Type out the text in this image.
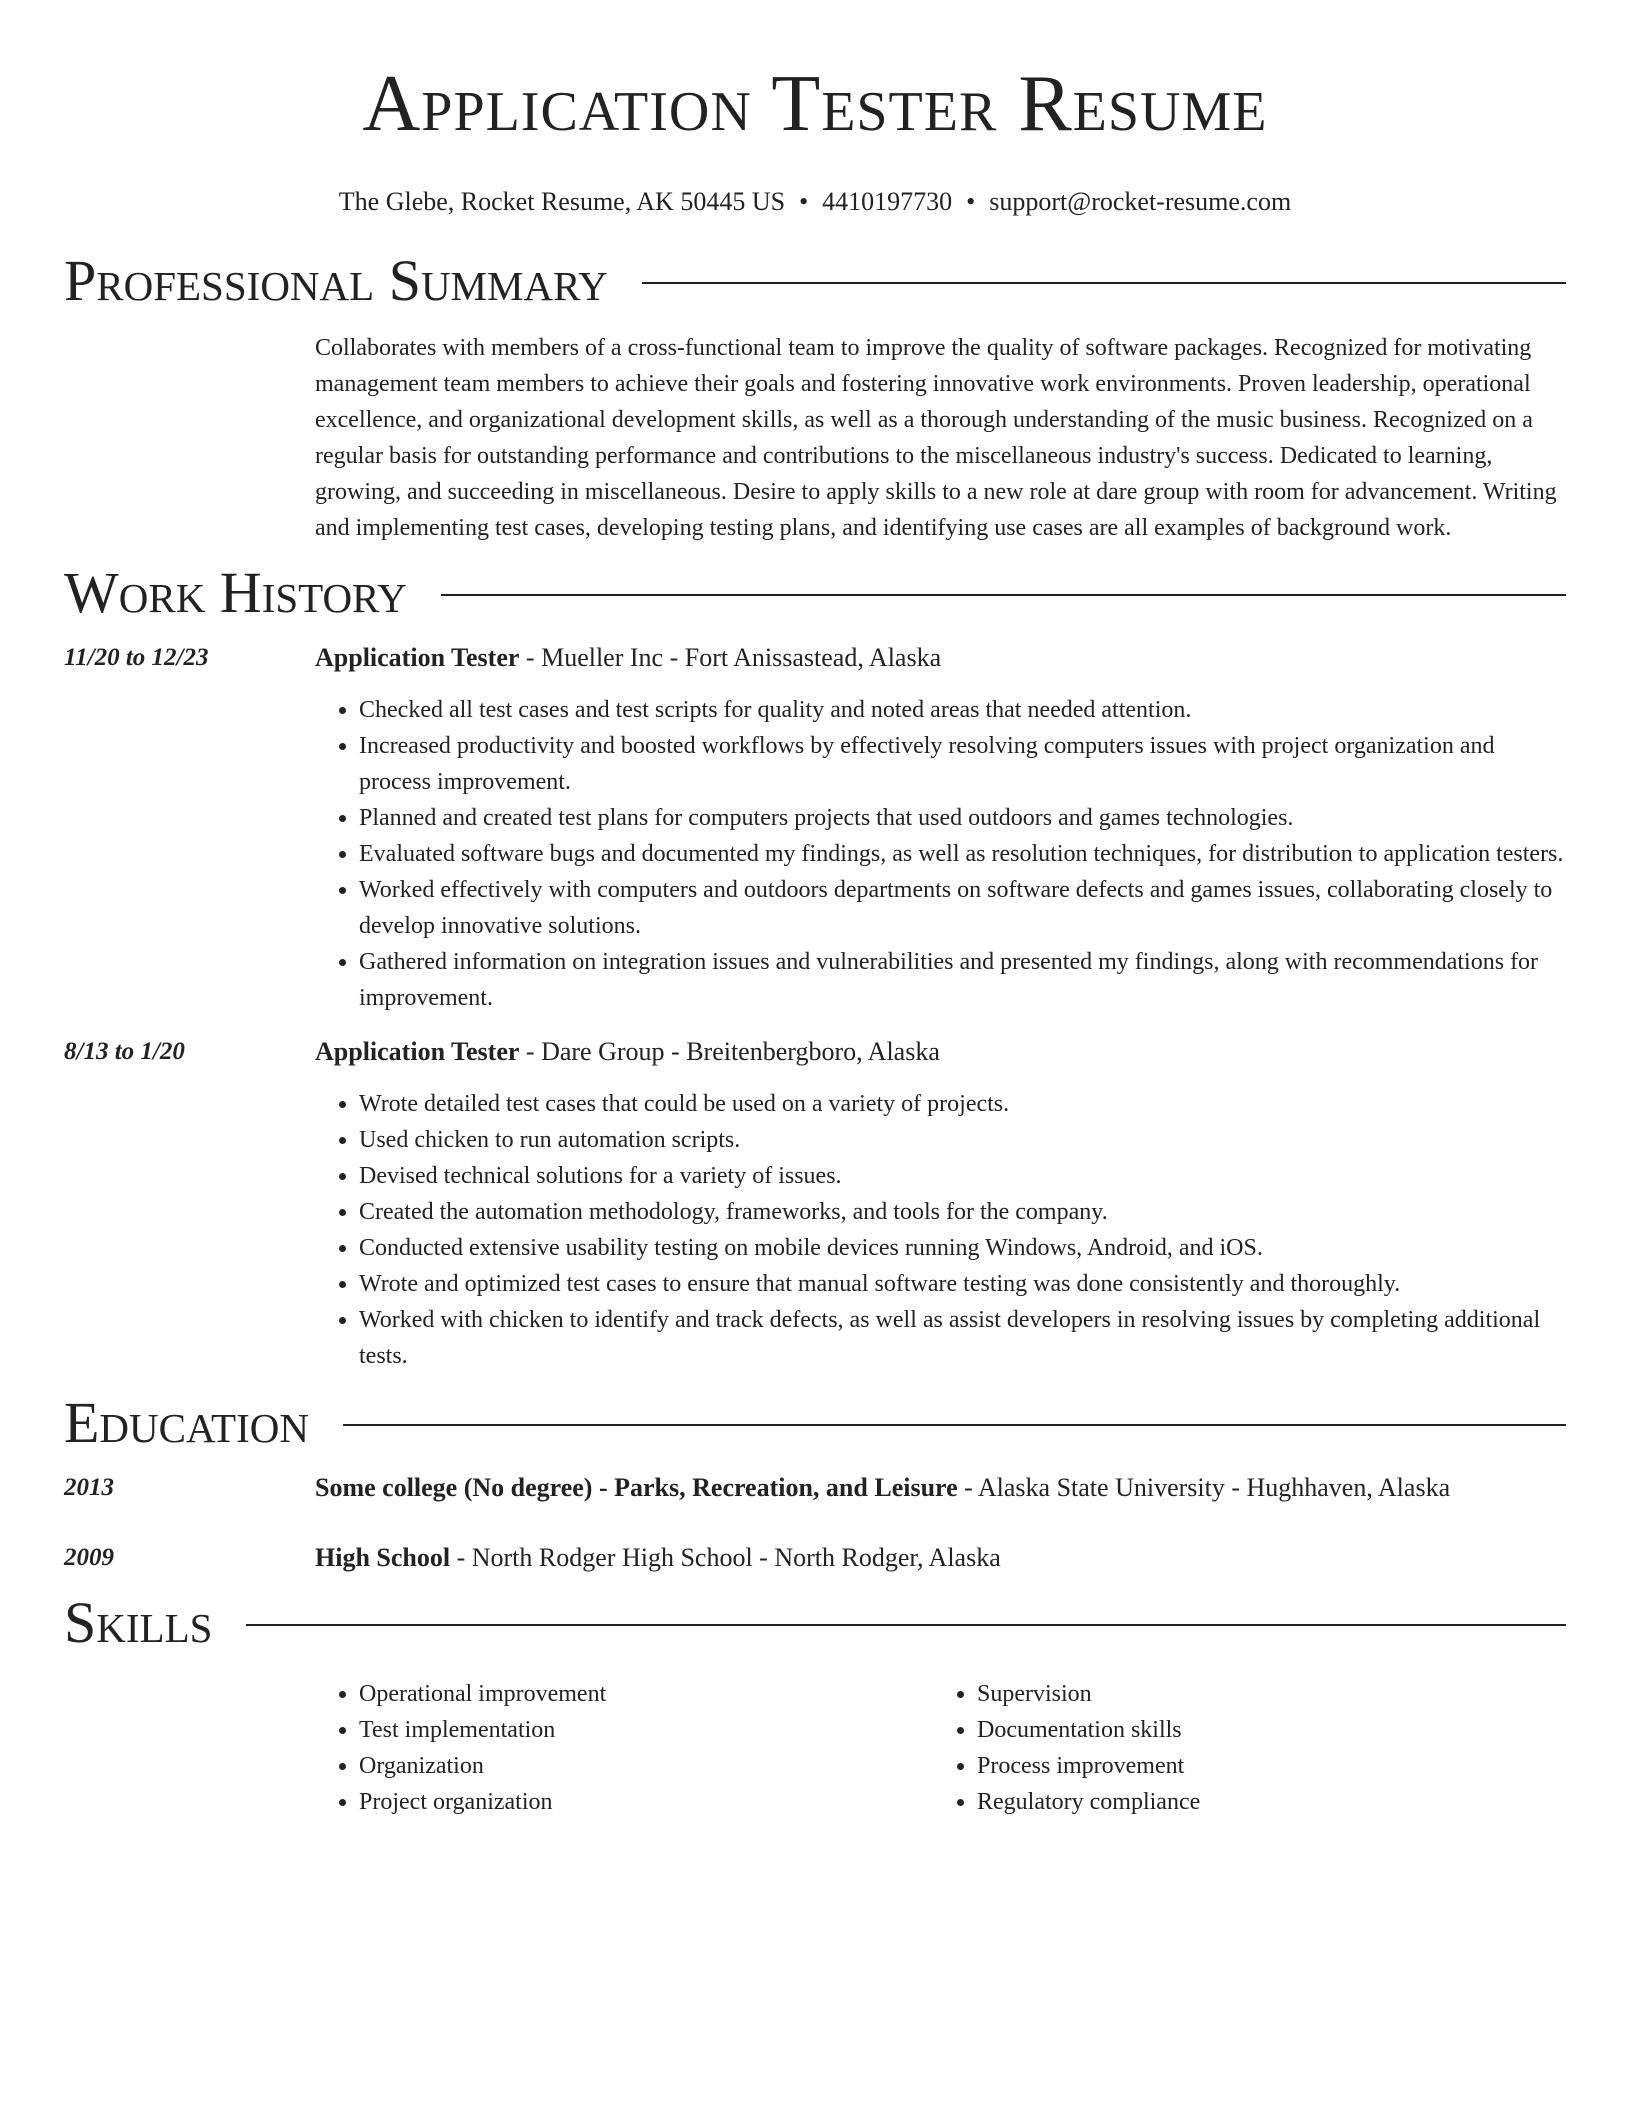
Application Tester Resume
The Glebe, Rocket Resume, AK 50445 US • 4410197730 • support@rocket-resume.com
Professional Summary
Collaborates with members of a cross-functional team to improve the quality of software packages. Recognized for motivating management team members to achieve their goals and fostering innovative work environments. Proven leadership, operational excellence, and organizational development skills, as well as a thorough understanding of the music business. Recognized on a regular basis for outstanding performance and contributions to the miscellaneous industry's success. Dedicated to learning, growing, and succeeding in miscellaneous. Desire to apply skills to a new role at dare group with room for advancement. Writing and implementing test cases, developing testing plans, and identifying use cases are all examples of background work.
Work History
11/20 to 12/23	Application Tester - Mueller Inc - Fort Anissastead, Alaska
• Checked all test cases and test scripts for quality and noted areas that needed attention.
• Increased productivity and boosted workflows by effectively resolving computers issues with project organization and process improvement.
• Planned and created test plans for computers projects that used outdoors and games technologies.
• Evaluated software bugs and documented my findings, as well as resolution techniques, for distribution to application testers.
• Worked effectively with computers and outdoors departments on software defects and games issues, collaborating closely to develop innovative solutions.
• Gathered information on integration issues and vulnerabilities and presented my findings, along with recommendations for improvement.
8/13 to 1/20	Application Tester - Dare Group - Breitenbergboro, Alaska
• Wrote detailed test cases that could be used on a variety of projects.
• Used chicken to run automation scripts.
• Devised technical solutions for a variety of issues.
• Created the automation methodology, frameworks, and tools for the company.
• Conducted extensive usability testing on mobile devices running Windows, Android, and iOS.
• Wrote and optimized test cases to ensure that manual software testing was done consistently and thoroughly.
• Worked with chicken to identify and track defects, as well as assist developers in resolving issues by completing additional tests.
Education
2013	Some college (No degree) - Parks, Recreation, and Leisure - Alaska State University - Hughhaven, Alaska
2009	High School - North Rodger High School - North Rodger, Alaska
Skills
• Operational improvement
• Test implementation
• Organization
• Project organization
• Supervision
• Documentation skills
• Process improvement
• Regulatory compliance
